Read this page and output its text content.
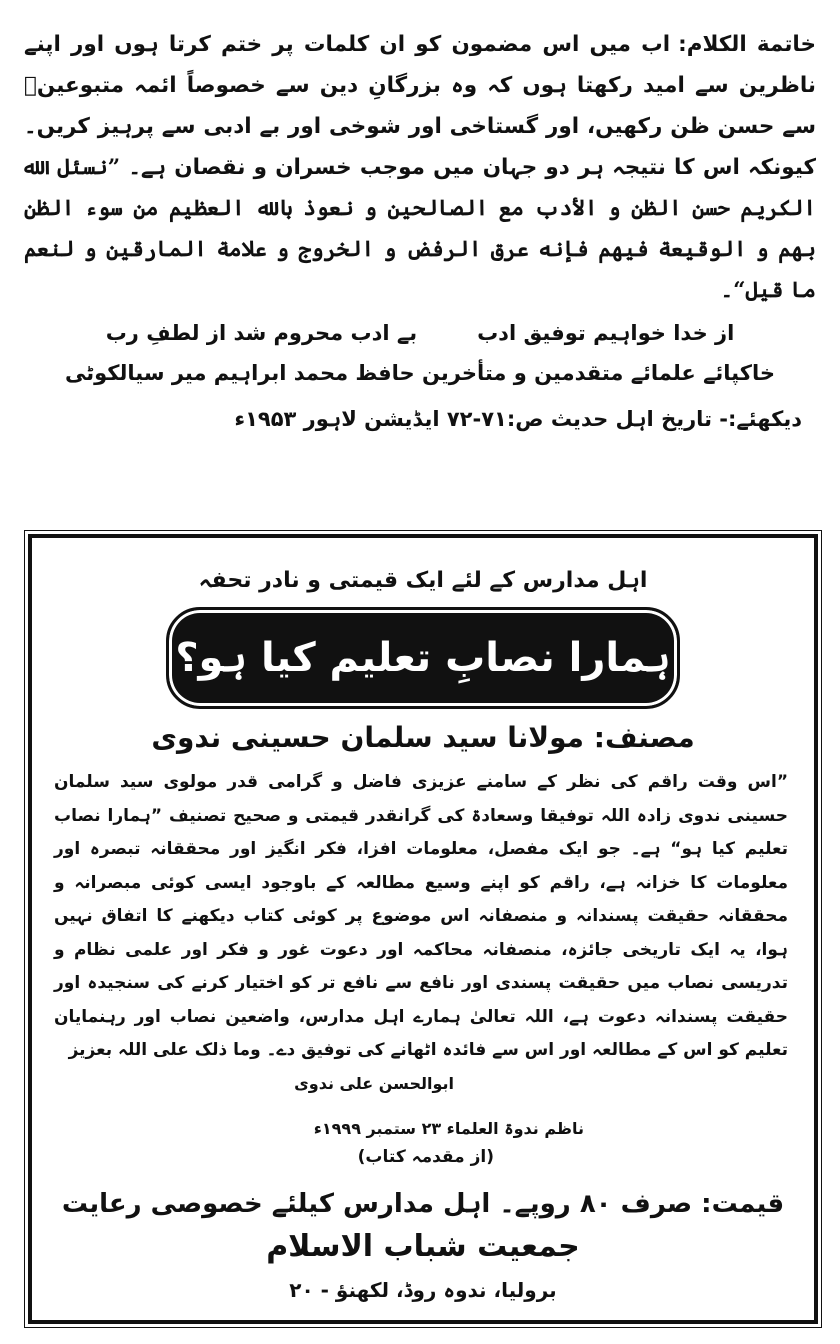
خاتمة الکلام:اب میں اس مضمون کو ان کلمات پر ختم کرتا ہوں اور اپنے ناظرین سے امید رکھتا ہوں کہ وہ بزرگانِ دین سے خصوصاً ائمہ متبوعینؒ سے حسن ظن رکھیں، اور گستاخی اور شوخی اور بے ادبی سے پرہیز کریں۔ کیونکہ اس کا نتیجہ ہر دو جہان میں موجب خسران و نقصان ہے۔ ”نسئل الله الكريم حسن الظن و الأدب مع الصالحين و نعوذ بالله العظيم من سوء الظن بهم و الوقيعة فيهم فإنه عرق الرفض و الخروج و علامة المارقين و لنعم ما قيل“۔

از خدا خواہیم توفیق ادببے ادب محروم شد از لطفِ رب
خاکپائے علمائے متقدمین و متأخرین حافظ محمد ابراہیم میر سیالکوٹی
دیکھئے:- تاریخ اہل حدیث ص:۷۱-۷۲ ایڈیشن لاہور ۱۹۵۳ء
اہل مدارس کے لئے ایک قیمتی و نادر تحفہ
ہمارا نصابِ تعلیم کیا ہو؟
مصنف: مولانا سید سلمان حسینی ندوی
”اس وقت راقم کی نظر کے سامنے عزیزی فاضل و گرامی قدر مولوی سید سلمان حسینی ندوی زادہ اللہ توفیقا وسعادۃ کی گرانقدر قیمتی و صحیح تصنیف ”ہمارا نصاب تعلیم کیا ہو“ ہے۔ جو ایک مفصل، معلومات افزا، فکر انگیز اور محققانہ تبصرہ اور معلومات کا خزانہ ہے، راقم کو اپنے وسیع مطالعہ کے باوجود ایسی کوئی مبصرانہ و محققانہ حقیقت پسندانہ و منصفانہ اس موضوع پر کوئی کتاب دیکھنے کا اتفاق نہیں ہوا، یہ ایک تاریخی جائزہ، منصفانہ محاکمہ اور دعوت غور و فکر اور علمی نظام و تدریسی نصاب میں حقیقت پسندی اور نافع سے نافع تر کو اختیار کرنے کی سنجیدہ اور حقیقت پسندانہ دعوت ہے، اللہ تعالیٰ ہمارے اہل مدارس، واضعین نصاب اور رہنمایان تعلیم کو اس کے مطالعہ اور اس سے فائدہ اٹھانے کی توفیق دے۔ وما ذلک علی اللہ بعزیز
ابوالحسن علی ندوی
ناظم ندوۃ العلماء ۲۳ ستمبر ۱۹۹۹ء
(از مقدمہ کتاب)
قیمت: صرف ۸۰ روپے۔ اہل مدارس کیلئے خصوصی رعایت
جمعیت شباب الاسلام
برولیا، ندوہ روڈ، لکھنؤ - ۲۰
